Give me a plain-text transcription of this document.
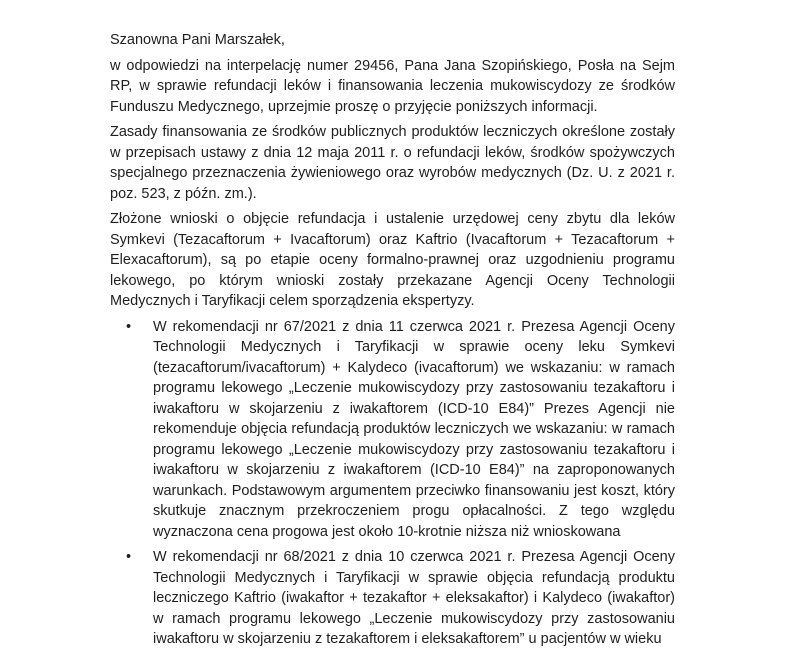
Szanowna Pani Marszałek,
w odpowiedzi na interpelację numer 29456, Pana Jana Szopińskiego, Posła na Sejm
RP, w sprawie refundacji leków i finansowania leczenia mukowiscydozy ze środków
Funduszu Medycznego, uprzejmie proszę o przyjęcie poniższych informacji.
Zasady finansowania ze środków publicznych produktów leczniczych określone zostały
w przepisach ustawy z dnia 12 maja 2011 r. o refundacji leków, środków spożywczych
specjalnego przeznaczenia żywieniowego oraz wyrobów medycznych (Dz. U. z 2021 r.
poz. 523, z późn. zm.).
Złożone wnioski o objęcie refundacja i ustalenie urzędowej ceny zbytu dla leków
Symkevi (Tezacaftorum + Ivacaftorum) oraz Kaftrio (Ivacaftorum + Tezacaftorum +
Elexacaftorum), są po etapie oceny formalno-prawnej oraz uzgodnieniu programu
lekowego, po którym wnioski zostały przekazane Agencji Oceny Technologii
Medycznych i Taryfikacji celem sporządzenia ekspertyzy.
• W rekomendacji nr 67/2021 z dnia 11 czerwca 2021 r. Prezesa Agencji Oceny
Technologii Medycznych i Taryfikacji w sprawie oceny leku Symkevi
(tezacaftorum/ivacaftorum) + Kalydeco (ivacaftorum) we wskazaniu: w ramach
programu lekowego „Leczenie mukowiscydozy przy zastosowaniu tezakaftoru i
iwakaftoru w skojarzeniu z iwakaftorem (ICD-10 E84)” Prezes Agencji nie
rekomenduje objęcia refundacją produktów leczniczych we wskazaniu: w ramach
programu lekowego „Leczenie mukowiscydozy przy zastosowaniu tezakaftoru i
iwakaftoru w skojarzeniu z iwakaftorem (ICD-10 E84)” na zaproponowanych
warunkach. Podstawowym argumentem przeciwko finansowaniu jest koszt, który
skutkuje znacznym przekroczeniem progu opłacalności. Z tego względu
wyznaczona cena progowa jest około 10-krotnie niższa niż wnioskowana
• W rekomendacji nr 68/2021 z dnia 10 czerwca 2021 r. Prezesa Agencji Oceny
Technologii Medycznych i Taryfikacji w sprawie objęcia refundacją produktu
leczniczego Kaftrio (iwakaftor + tezakaftor + eleksakaftor) i Kalydeco (iwakaftor)
w ramach programu lekowego „Leczenie mukowiscydozy przy zastosowaniu
iwakaftoru w skojarzeniu z tezakaftorem i eleksakaftorem” u pacjentów w wieku
